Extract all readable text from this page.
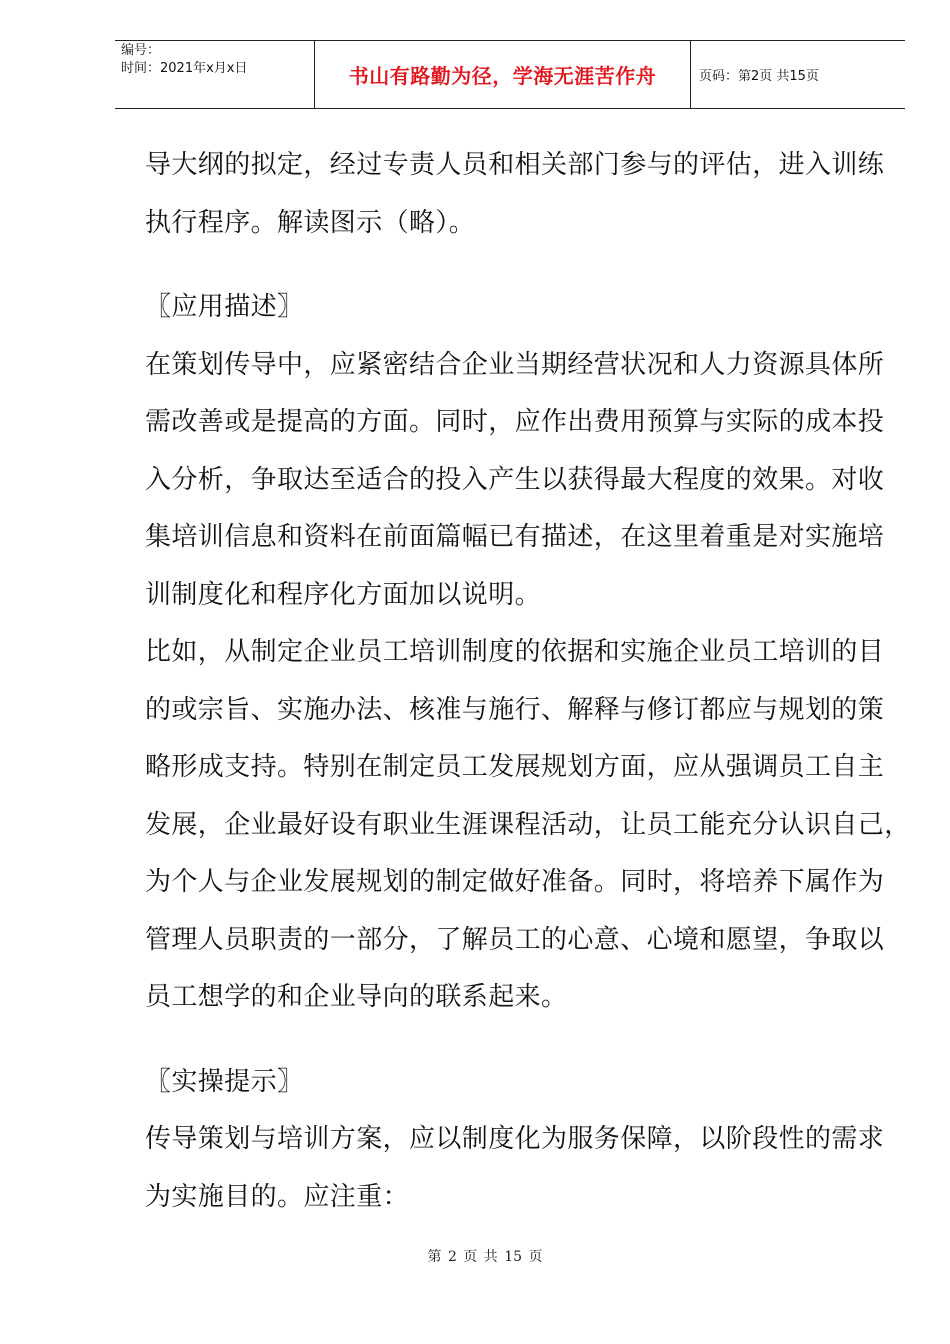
编号：
时间：2021年x月x日	书山有路勤为径，学海无涯苦作舟	页码：第2页 共15页
导大纲的拟定，经过专责人员和相关部门参与的评估，进入训练
执行程序。解读图示（略）。
〖应用描述〗
在策划传导中，应紧密结合企业当期经营状况和人力资源具体所
需改善或是提高的方面。同时，应作出费用预算与实际的成本投
入分析，争取达至适合的投入产生以获得最大程度的效果。对收
集培训信息和资料在前面篇幅已有描述，在这里着重是对实施培
训制度化和程序化方面加以说明。
比如，从制定企业员工培训制度的依据和实施企业员工培训的目
的或宗旨、实施办法、核准与施行、解释与修订都应与规划的策
略形成支持。特别在制定员工发展规划方面，应从强调员工自主
发展，企业最好设有职业生涯课程活动，让员工能充分认识自己，
为个人与企业发展规划的制定做好准备。同时，将培养下属作为
管理人员职责的一部分，了解员工的心意、心境和愿望，争取以
员工想学的和企业导向的联系起来。
〖实操提示〗
传导策划与培训方案，应以制度化为服务保障，以阶段性的需求
为实施目的。应注重：
第 2 页 共 15 页
